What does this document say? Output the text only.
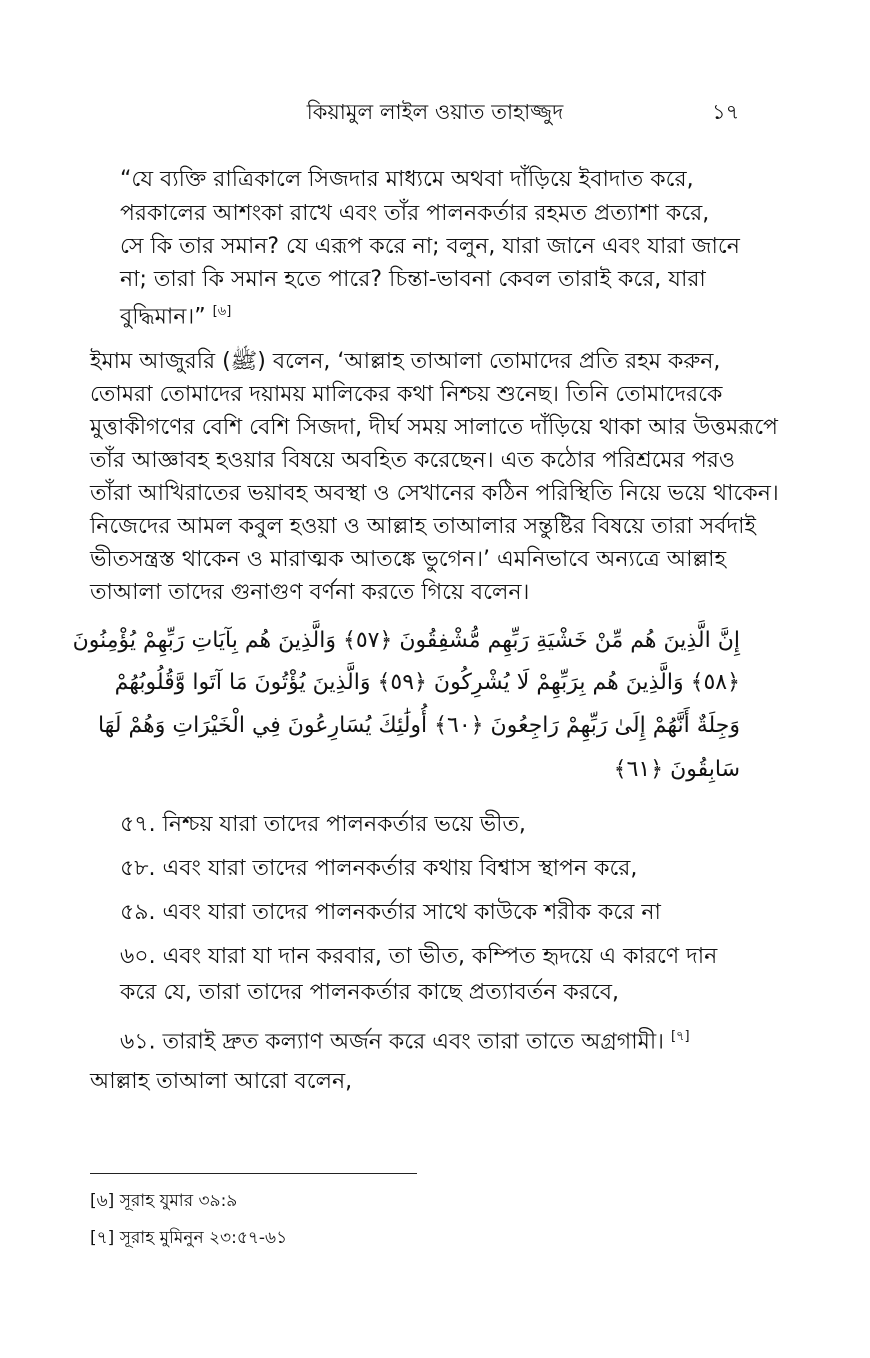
কিয়ামুল লাইল ওয়াত তাহাজ্জুদ	১৭
“যে ব্যক্তি রাত্রিকালে সিজদার মাধ্যমে অথবা দাঁড়িয়ে ইবাদাত করে,
পরকালের আশংকা রাখে এবং তাঁর পালনকর্তার রহমত প্রত্যাশা করে,
সে কি তার সমান? যে এরূপ করে না; বলুন, যারা জানে এবং যারা জানে
না; তারা কি সমান হতে পারে? চিন্তা-ভাবনা কেবল তারাই করে, যারা
বুদ্ধিমান।” [৬]
ইমাম আজুররি (ﷺ) বলেন, ‘আল্লাহ তাআলা তোমাদের প্রতি রহম করুন,
তোমরা তোমাদের দয়াময় মালিকের কথা নিশ্চয় শুনেছ। তিনি তোমাদেরকে
মুত্তাকীগণের বেশি বেশি সিজদা, দীর্ঘ সময় সালাতে দাঁড়িয়ে থাকা আর উত্তমরূপে
তাঁর আজ্ঞাবহ হওয়ার বিষয়ে অবহিত করেছেন। এত কঠোর পরিশ্রমের পরও
তাঁরা আখিরাতের ভয়াবহ অবস্থা ও সেখানের কঠিন পরিস্থিতি নিয়ে ভয়ে থাকেন।
নিজেদের আমল কবুল হওয়া ও আল্লাহ তাআলার সন্তুষ্টির বিষয়ে তারা সর্বদাই
ভীতসন্ত্রস্ত থাকেন ও মারাত্মক আতঙ্কে ভুগেন।’ এমনিভাবে অন্যত্রে আল্লাহ
তাআলা তাদের গুনাগুণ বর্ণনা করতে গিয়ে বলেন।
إِنَّ الَّذِينَ هُم مِّنْ خَشْيَةِ رَبِّهِم مُّشْفِقُونَ ﴿٥٧﴾ وَالَّذِينَ هُم بِآيَاتِ رَبِّهِمْ يُؤْمِنُونَ
﴿٥٨﴾ وَالَّذِينَ هُم بِرَبِّهِمْ لَا يُشْرِكُونَ ﴿٥٩﴾ وَالَّذِينَ يُؤْتُونَ مَا آتَوا وَّقُلُوبُهُمْ
وَجِلَةٌ أَنَّهُمْ إِلَىٰ رَبِّهِمْ رَاجِعُونَ ﴿٦٠﴾ أُولَٰئِكَ يُسَارِعُونَ فِي الْخَيْرَاتِ وَهُمْ لَهَا
سَابِقُونَ ﴿٦١﴾
৫৭. নিশ্চয় যারা তাদের পালনকর্তার ভয়ে ভীত,
৫৮. এবং যারা তাদের পালনকর্তার কথায় বিশ্বাস স্থাপন করে,
৫৯. এবং যারা তাদের পালনকর্তার সাথে কাউকে শরীক করে না
৬০. এবং যারা যা দান করবার, তা ভীত, কম্পিত হৃদয়ে এ কারণে দান
করে যে, তারা তাদের পালনকর্তার কাছে প্রত্যাবর্তন করবে,
৬১. তারাই দ্রুত কল্যাণ অর্জন করে এবং তারা তাতে অগ্রগামী। [৭]
আল্লাহ তাআলা আরো বলেন,
[৬] সূরাহ যুমার ৩৯:৯
[৭] সূরাহ মুমিনুন ২৩:৫৭-৬১
